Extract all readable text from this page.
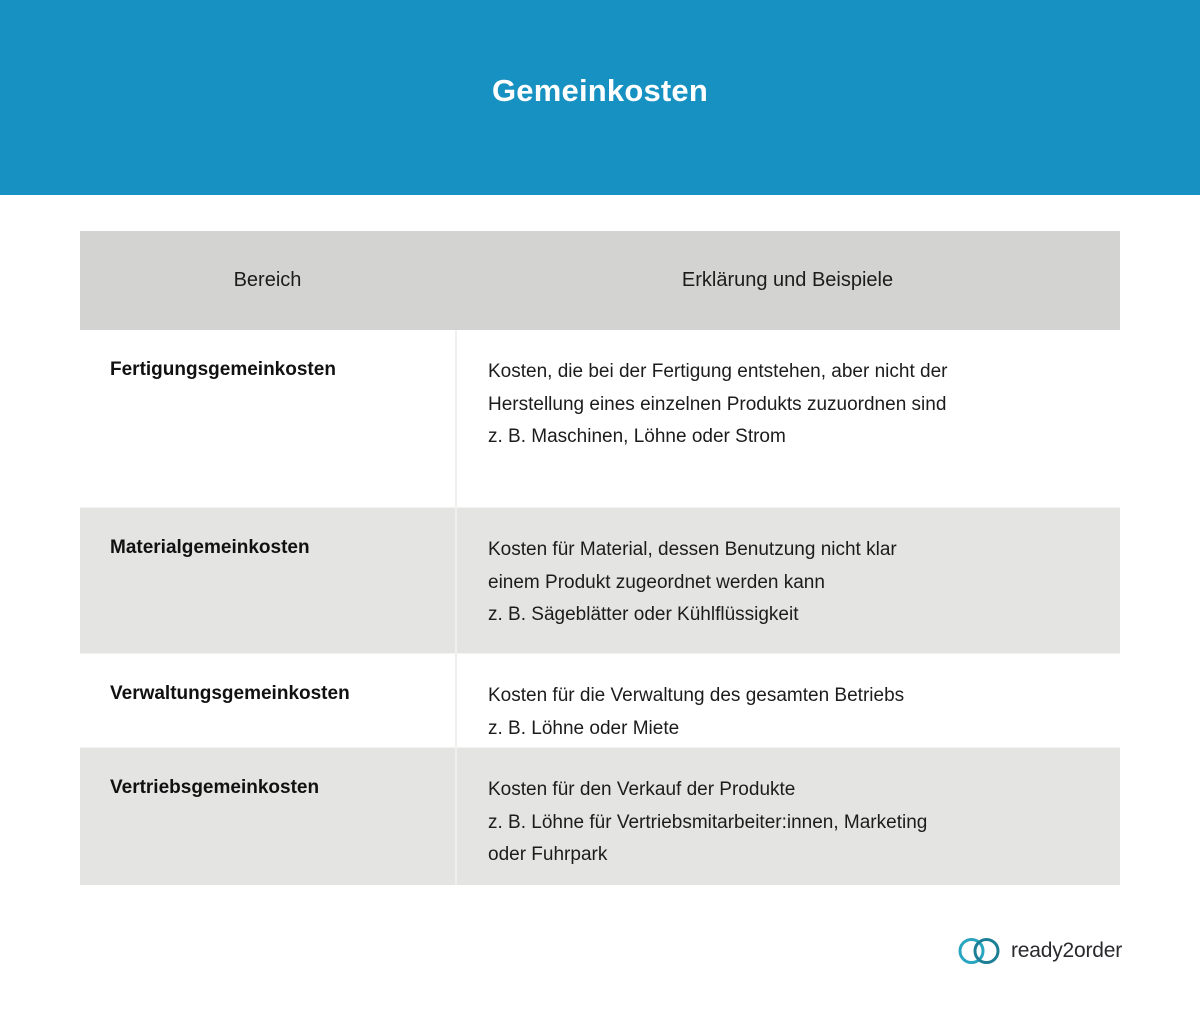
Gemeinkosten
Bereich	Erklärung und Beispiele
Fertigungsgemeinkosten	Kosten, die bei der Fertigung entstehen, aber nicht der
Herstellung eines einzelnen Produkts zuzuordnen sind
z. B. Maschinen, Löhne oder Strom
Materialgemeinkosten	Kosten für Material, dessen Benutzung nicht klar
einem Produkt zugeordnet werden kann
z. B. Sägeblätter oder Kühlflüssigkeit
Verwaltungsgemeinkosten	Kosten für die Verwaltung des gesamten Betriebs
z. B. Löhne oder Miete
Vertriebsgemeinkosten	Kosten für den Verkauf der Produkte
z. B. Löhne für Vertriebsmitarbeiter:innen, Marketing
oder Fuhrpark
ready2order
